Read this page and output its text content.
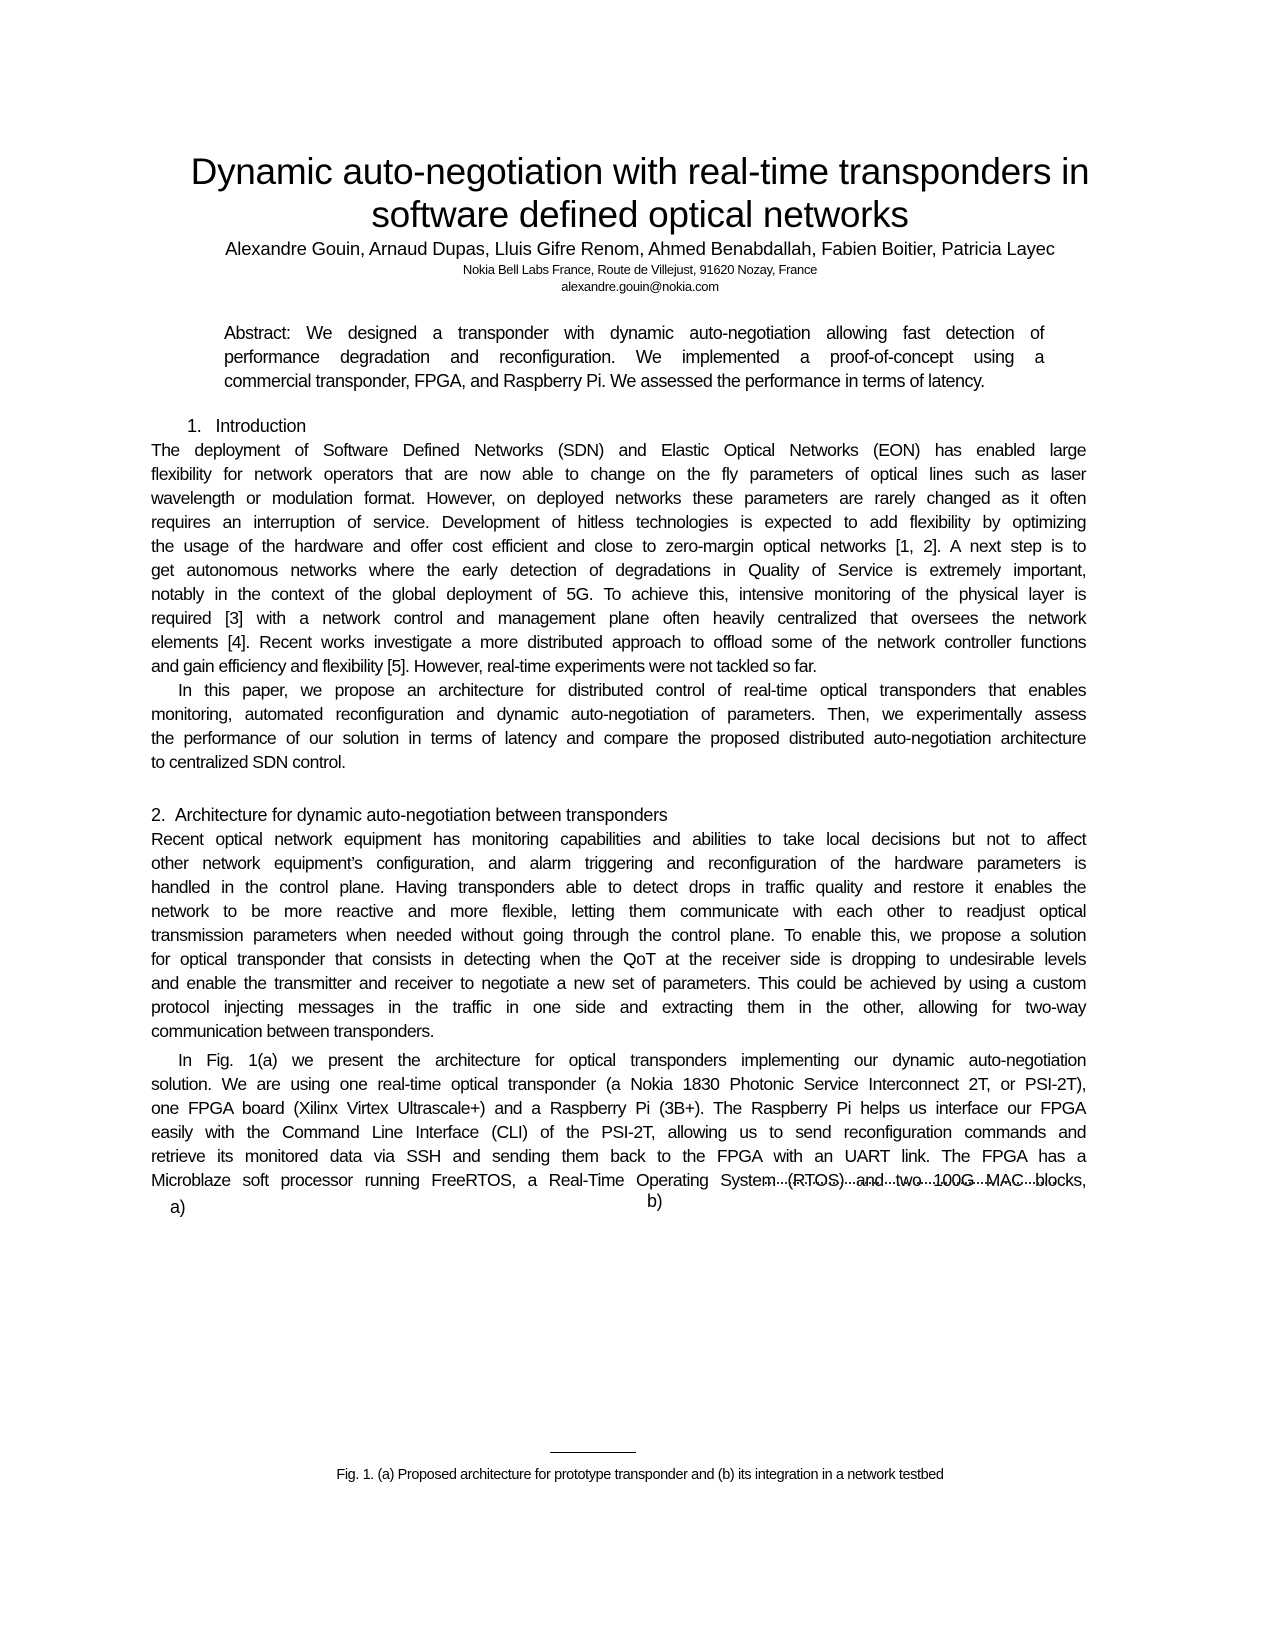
Dynamic auto-negotiation with real-time transponders in
software defined optical networks
Alexandre Gouin, Arnaud Dupas, Lluis Gifre Renom, Ahmed Benabdallah, Fabien Boitier, Patricia Layec
Nokia Bell Labs France, Route de Villejust, 91620 Nozay, France
alexandre.gouin@nokia.com
Abstract: We designed a transponder with dynamic auto-negotiation allowing fast detection of
performance degradation and reconfiguration. We implemented a proof-of-concept using a
commercial transponder, FPGA, and Raspberry Pi. We assessed the performance in terms of latency.
1.   Introduction
The deployment of Software Defined Networks (SDN) and Elastic Optical Networks (EON) has enabled large
flexibility for network operators that are now able to change on the fly parameters of optical lines such as laser
wavelength or modulation format. However, on deployed networks these parameters are rarely changed as it often
requires an interruption of service. Development of hitless technologies is expected to add flexibility by optimizing
the usage of the hardware and offer cost efficient and close to zero-margin optical networks [1, 2]. A next step is to
get autonomous networks where the early detection of degradations in Quality of Service is extremely important,
notably in the context of the global deployment of 5G. To achieve this, intensive monitoring of the physical layer is
required [3] with a network control and management plane often heavily centralized that oversees the network
elements [4]. Recent works investigate a more distributed approach to offload some of the network controller functions
and gain efficiency and flexibility [5]. However, real-time experiments were not tackled so far.
In this paper, we propose an architecture for distributed control of real-time optical transponders that enables
monitoring, automated reconfiguration and dynamic auto-negotiation of parameters. Then, we experimentally assess
the performance of our solution in terms of latency and compare the proposed distributed auto-negotiation architecture
to centralized SDN control.
2.  Architecture for dynamic auto-negotiation between transponders
Recent optical network equipment has monitoring capabilities and abilities to take local decisions but not to affect
other network equipment’s configuration, and alarm triggering and reconfiguration of the hardware parameters is
handled in the control plane. Having transponders able to detect drops in traffic quality and restore it enables the
network to be more reactive and more flexible, letting them communicate with each other to readjust optical
transmission parameters when needed without going through the control plane. To enable this, we propose a solution
for optical transponder that consists in detecting when the QoT at the receiver side is dropping to undesirable levels
and enable the transmitter and receiver to negotiate a new set of parameters. This could be achieved by using a custom
protocol injecting messages in the traffic in one side and extracting them in the other, allowing for two-way
communication between transponders.
In Fig. 1(a) we present the architecture for optical transponders implementing our dynamic auto-negotiation
solution. We are using one real-time optical transponder (a Nokia 1830 Photonic Service Interconnect 2T, or PSI-2T),
one FPGA board (Xilinx Virtex Ultrascale+) and a Raspberry Pi (3B+). The Raspberry Pi helps us interface our FPGA
easily with the Command Line Interface (CLI) of the PSI-2T, allowing us to send reconfiguration commands and
retrieve its monitored data via SSH and sending them back to the FPGA with an UART link. The FPGA has a
Microblaze soft processor running FreeRTOS, a Real-Time Operating System (RTOS) and two 100G MAC blocks,
a)	b)
Fig. 1. (a) Proposed architecture for prototype transponder and (b) its integration in a network testbed
